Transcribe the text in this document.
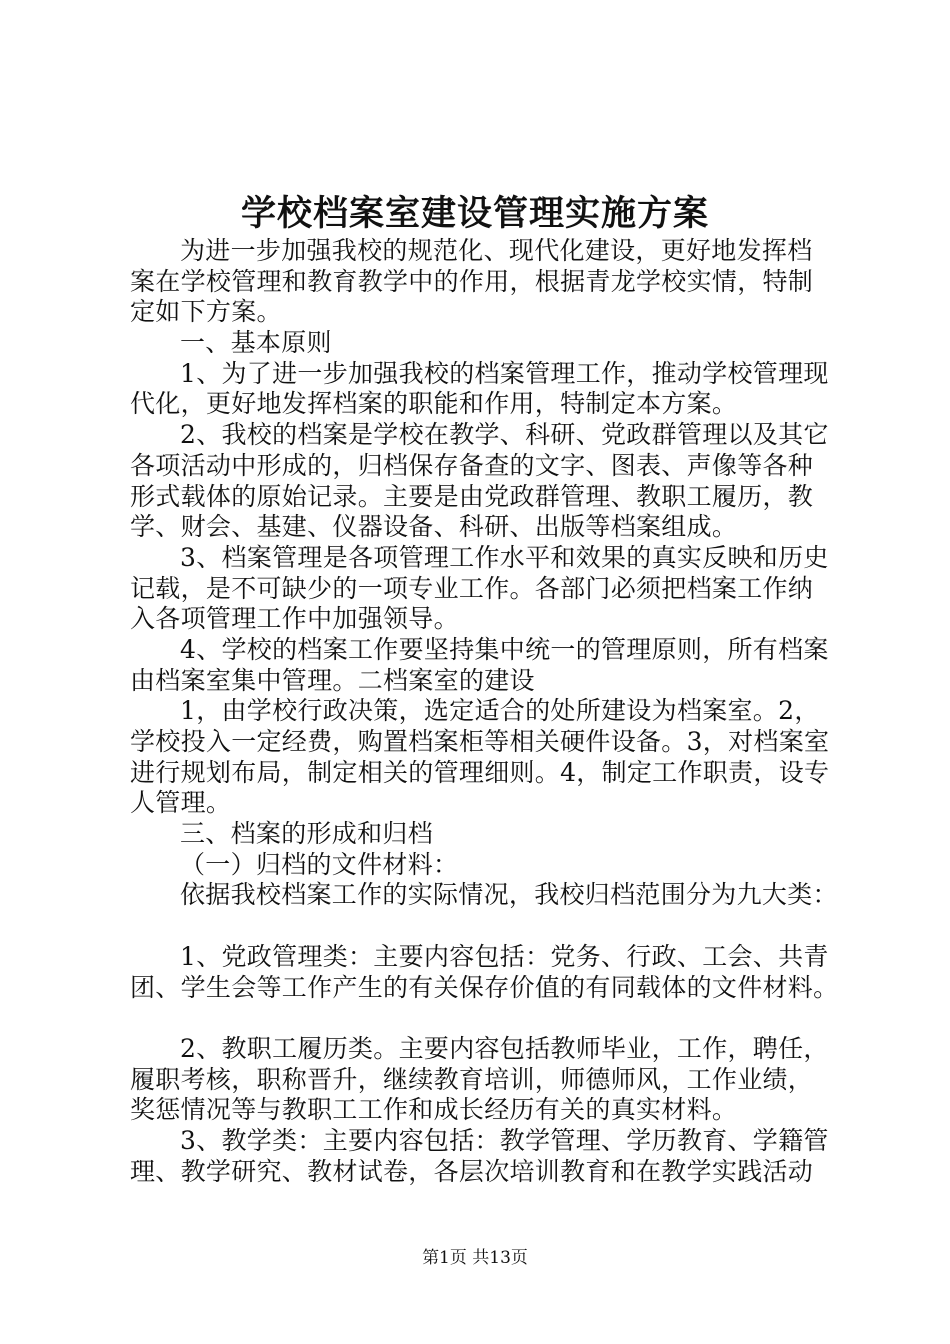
学校档案室建设管理实施方案
为进一步加强我校的规范化、现代化建设，更好地发挥档
案在学校管理和教育教学中的作用，根据青龙学校实情，特制
定如下方案。
一、基本原则
1、为了进一步加强我校的档案管理工作，推动学校管理现
代化，更好地发挥档案的职能和作用，特制定本方案。
2、我校的档案是学校在教学、科研、党政群管理以及其它
各项活动中形成的，归档保存备查的文字、图表、声像等各种
形式载体的原始记录。主要是由党政群管理、教职工履历，教
学、财会、基建、仪器设备、科研、出版等档案组成。
3、档案管理是各项管理工作水平和效果的真实反映和历史
记载，是不可缺少的一项专业工作。各部门必须把档案工作纳
入各项管理工作中加强领导。
4、学校的档案工作要坚持集中统一的管理原则，所有档案
由档案室集中管理。二档案室的建设
1，由学校行政决策，选定适合的处所建设为档案室。2，
学校投入一定经费，购置档案柜等相关硬件设备。3，对档案室
进行规划布局，制定相关的管理细则。4，制定工作职责，设专
人管理。
三、档案的形成和归档
（一）归档的文件材料：
依据我校档案工作的实际情况，我校归档范围分为九大类：
1、党政管理类：主要内容包括：党务、行政、工会、共青
团、学生会等工作产生的有关保存价值的有同载体的文件材料。
2、教职工履历类。主要内容包括教师毕业，工作，聘任，
履职考核，职称晋升，继续教育培训，师德师风，工作业绩，
奖惩情况等与教职工工作和成长经历有关的真实材料。
3、教学类：主要内容包括：教学管理、学历教育、学籍管
理、教学研究、教材试卷，各层次培训教育和在教学实践活动
第1页 共13页
